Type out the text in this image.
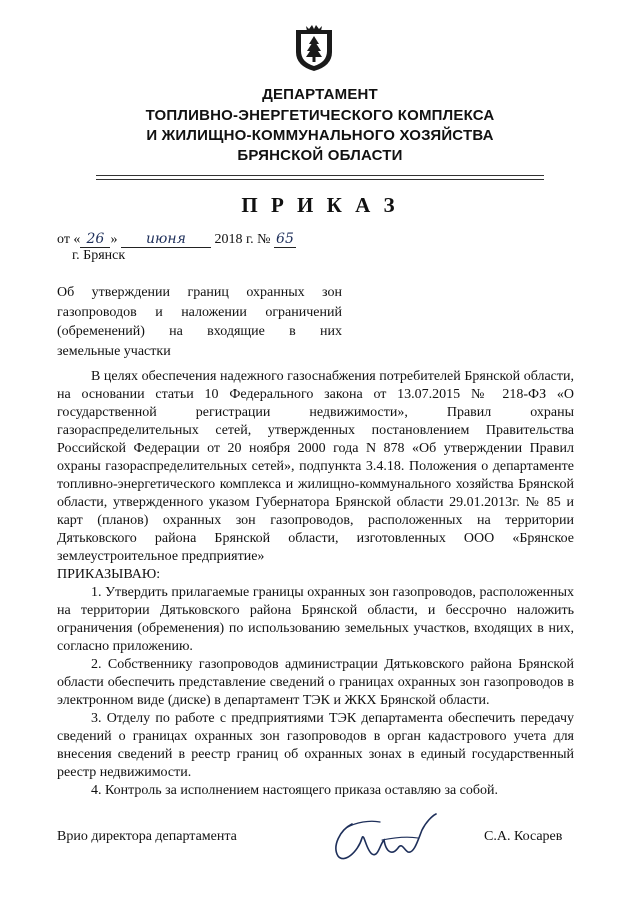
ДЕПАРТАМЕНТ
ТОПЛИВНО-ЭНЕРГЕТИЧЕСКОГО КОМПЛЕКСА
И ЖИЛИЩНО-КОММУНАЛЬНОГО ХОЗЯЙСТВА
БРЯНСКОЙ ОБЛАСТИ
П Р И К А З
от « 26 » июня 2018 г. № 65
г. Брянск
Об утверждении границ охранных зон
газопроводов и наложении ограничений
(обременений) на входящие в них
земельные участки

В целях обеспечения надежного газоснабжения потребителей Брянской области, на основании статьи 10 Федерального закона от 13.07.2015 № 218-ФЗ «О государственной регистрации недвижимости», Правил охраны газораспределительных сетей, утвержденных постановлением Правительства Российской Федерации от 20 ноября 2000 года N 878 «Об утверждении Правил охраны газораспределительных сетей», подпункта 3.4.18. Положения о департаменте топливно-энергетического комплекса и жилищно-коммунального хозяйства Брянской области, утвержденного указом Губернатора Брянской области 29.01.2013г. № 85 и карт (планов) охранных зон газопроводов, расположенных на территории Дятьковского района Брянской области, изготовленных ООО «Брянское землеустроительное предприятие»

ПРИКАЗЫВАЮ:

1. Утвердить прилагаемые границы охранных зон газопроводов, расположенных на территории Дятьковского района Брянской области, и бессрочно наложить ограничения (обременения) по использованию земельных участков, входящих в них, согласно приложению.

2. Собственнику газопроводов администрации Дятьковского района Брянской области обеспечить представление сведений о границах охранных зон газопроводов в электронном виде (диске) в департамент ТЭК и ЖКХ Брянской области.

3. Отделу по работе с предприятиями ТЭК департамента обеспечить передачу сведений о границах охранных зон газопроводов в орган кадастрового учета для внесения сведений в реестр границ об охранных зонах в единый государственный реестр недвижимости.

4. Контроль за исполнением настоящего приказа оставляю за собой.

Врио директора департамента	С.А. Косарев
